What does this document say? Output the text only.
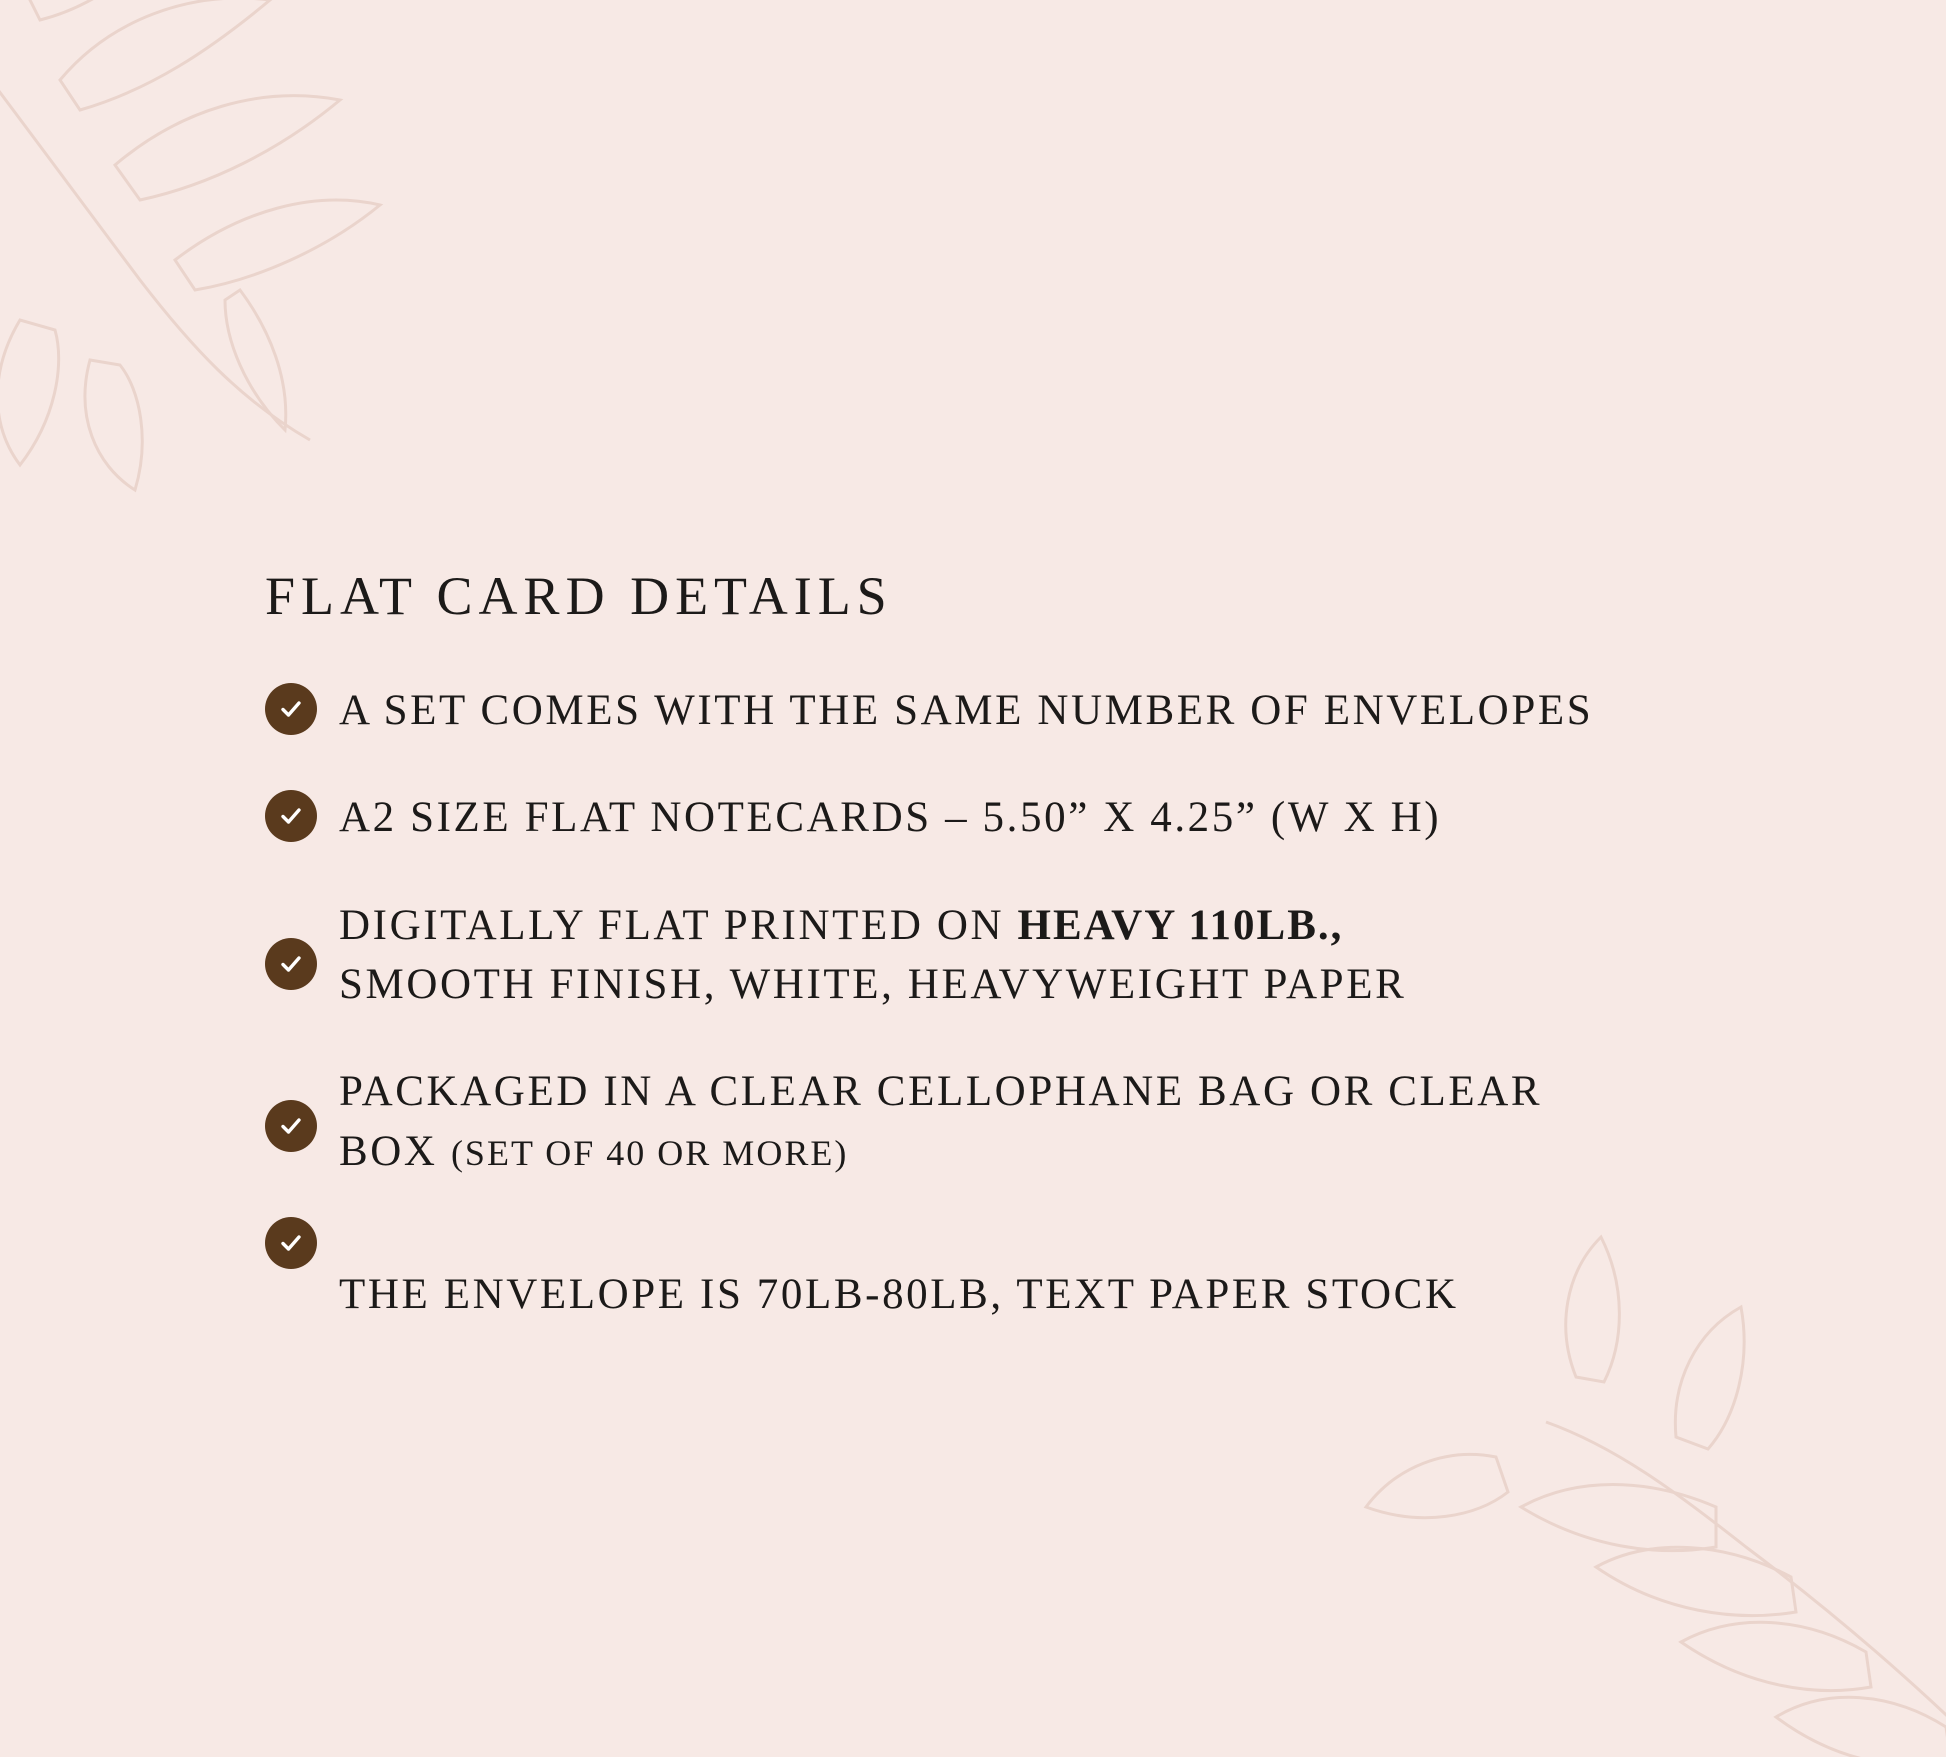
FLAT CARD DETAILS
A SET COMES WITH THE SAME NUMBER OF ENVELOPES
A2 SIZE FLAT NOTECARDS – 5.50” X 4.25” (W X H)
DIGITALLY FLAT PRINTED ON HEAVY 110LB.,
SMOOTH FINISH, WHITE, HEAVYWEIGHT PAPER
PACKAGED IN A CLEAR CELLOPHANE BAG OR CLEAR
BOX (SET OF 40 OR MORE)
THE ENVELOPE IS 70LB-80LB, TEXT PAPER STOCK
